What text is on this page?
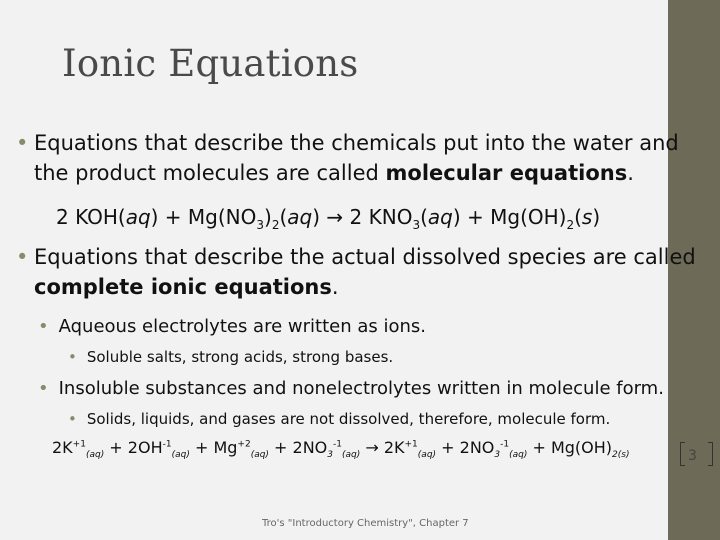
Ionic Equations
• Equations that describe the chemicals put into the water and the product molecules are called molecular equations.
2 $KOH(aq) + Mg(NO_3)_2(aq) \to 2$ $KNO_3(aq) + Mg(OH)_2(s)$
• Equations that describe the actual dissolved species are called complete ionic equations.
• Aqueous electrolytes are written as ions.
• Soluble salts, strong acids, strong bases.
• Insoluble substances and nonelectrolytes written in molecule form.
• Solids, liquids, and gases are not dissolved, therefore, molecule form.
$2K^{+1}_{(aq)} + 2OH^{-1}_{(aq)} + Mg^{+2}_{(aq)} + 2NO_3^{-1}_{(aq)} \to 2K^{+1}_{(aq)} + 2NO_3^{-1}_{(aq)} + Mg(OH)_{2(s)}$	3
Tro's "Introductory Chemistry", Chapter 7
